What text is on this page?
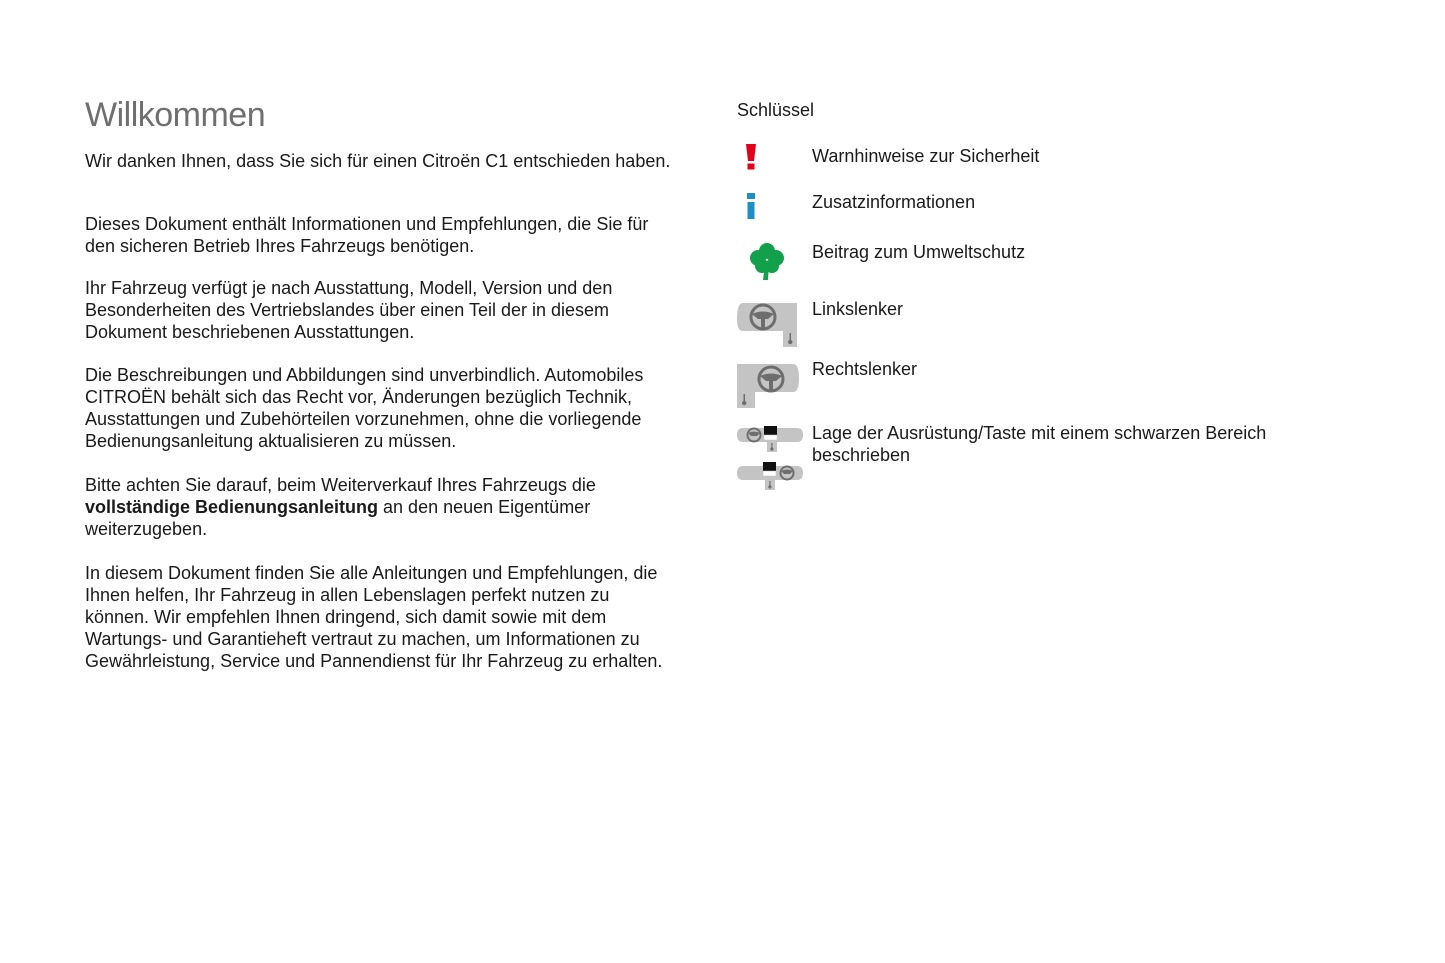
Willkommen

Wir danken Ihnen, dass Sie sich für einen Citroën C1 entschieden haben.

Dieses Dokument enthält Informationen und Empfehlungen, die Sie für den sicheren Betrieb Ihres Fahrzeugs benötigen.

Ihr Fahrzeug verfügt je nach Ausstattung, Modell, Version und den Besonderheiten des Vertriebslandes über einen Teil der in diesem Dokument beschriebenen Ausstattungen.

Die Beschreibungen und Abbildungen sind unverbindlich. Automobiles CITROËN behält sich das Recht vor, Änderungen bezüglich Technik, Ausstattungen und Zubehörteilen vorzunehmen, ohne die vorliegende Bedienungsanleitung aktualisieren zu müssen.

Bitte achten Sie darauf, beim Weiterverkauf Ihres Fahrzeugs die vollständige Bedienungsanleitung an den neuen Eigentümer weiterzugeben.

In diesem Dokument finden Sie alle Anleitungen und Empfehlungen, die Ihnen helfen, Ihr Fahrzeug in allen Lebenslagen perfekt nutzen zu können. Wir empfehlen Ihnen dringend, sich damit sowie mit dem Wartungs- und Garantieheft vertraut zu machen, um Informationen zu Gewährleistung, Service und Pannendienst für Ihr Fahrzeug zu erhalten.

Schlüssel
Warnhinweise zur Sicherheit
Zusatzinformationen
Beitrag zum Umweltschutz
Linkslenker
Rechtslenker
Lage der Ausrüstung/Taste mit einem schwarzen Bereich beschrieben
